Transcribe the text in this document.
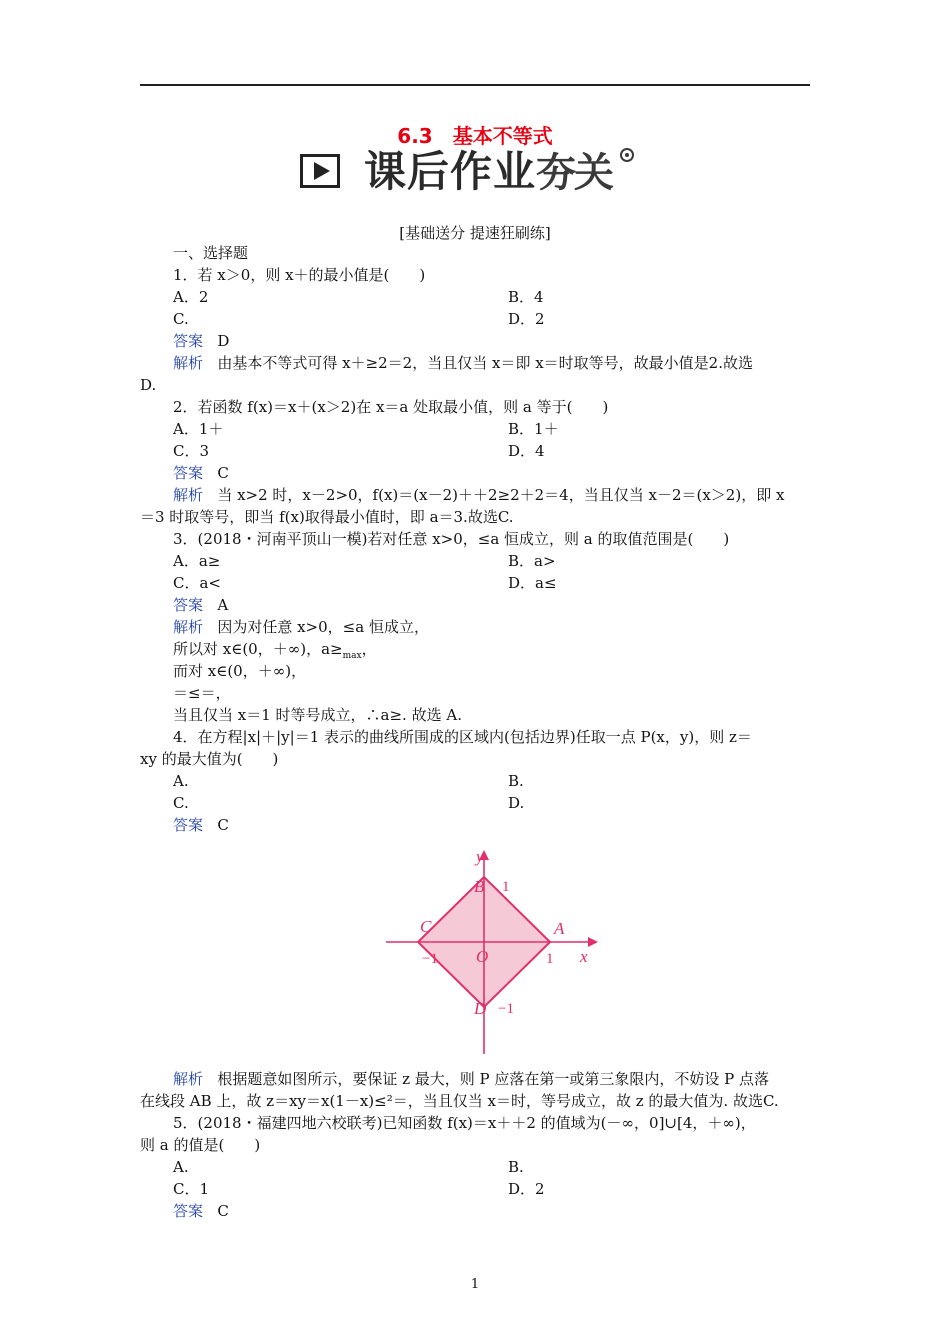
6.3　基本不等式
课后作业 夯关
[基础送分 提速狂刷练]
一、选择题
1．若 x＞0，则 x＋的最小值是(　　)
A．2	B．4
C.	D．2
答案 D
解析 由基本不等式可得 x＋≥2＝2，当且仅当 x＝即 x＝时取等号，故最小值是2.故选
D.
2．若函数 f(x)＝x＋(x＞2)在 x＝a 处取最小值，则 a 等于(　　)
A．1＋	B．1＋
C．3	D．4
答案 C
解析 当 x>2 时，x－2>0，f(x)＝(x－2)＋＋2≥2＋2＝4，当且仅当 x－2＝(x＞2)，即 x
＝3 时取等号，即当 f(x)取得最小值时，即 a＝3.故选C.
3．(2018・河南平顶山一模)若对任意 x>0，≤a 恒成立，则 a 的取值范围是(　　)
A．a≥	B．a>
C．a<	D．a≤
答案 A
解析 因为对任意 x>0，≤a 恒成立，
所以对 x∈(0，＋∞)，$a\ge_{max}$，
而对 x∈(0，＋∞)，
＝≤＝，
当且仅当 x＝1 时等号成立，∴a≥. 故选 A.
4．在方程|x|＋|y|＝1 表示的曲线所围成的区域内(包括边界)任取一点 P(x，y)，则 z＝
xy 的最大值为(　　)
A.	B.
C.	D.
答案 C
x
y
A
B
C
D
O	1
−1
1
−1
解析 根据题意如图所示，要保证 z 最大，则 P 应落在第一或第三象限内，不妨设 P 点落
在线段 AB 上，故 z＝xy＝x(1－x)≤²＝，当且仅当 x＝时，等号成立，故 z 的最大值为. 故选C.
5．(2018・福建四地六校联考)已知函数 f(x)＝x＋＋2 的值域为(－∞，0]∪[4，＋∞)，
则 a 的值是(　　)
A.	B.
C．1	D．2
答案 C
1
